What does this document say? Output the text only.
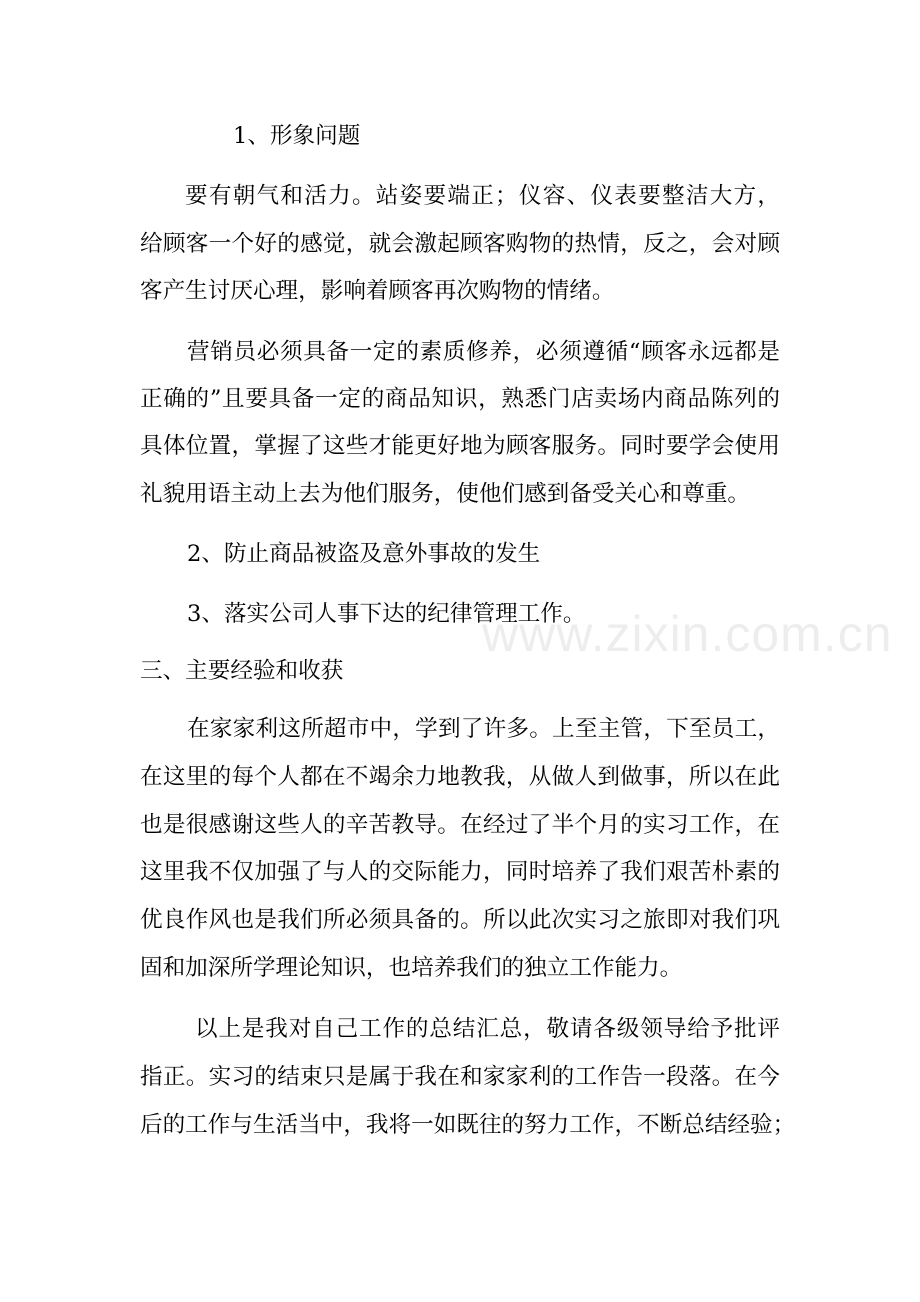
1、形象问题
要有朝气和活力。站姿要端正；仪容、仪表要整洁大方，
给顾客一个好的感觉，就会激起顾客购物的热情，反之，会对顾
客产生讨厌心理，影响着顾客再次购物的情绪。
营销员必须具备一定的素质修养，必须遵循“顾客永远都是
正确的”且要具备一定的商品知识，熟悉门店卖场内商品陈列的
具体位置，掌握了这些才能更好地为顾客服务。同时要学会使用
礼貌用语主动上去为他们服务，使他们感到备受关心和尊重。
2、防止商品被盗及意外事故的发生
3、落实公司人事下达的纪律管理工作。
三、主要经验和收获
在家家利这所超市中，学到了许多。上至主管，下至员工，
在这里的每个人都在不竭余力地教我，从做人到做事，所以在此
也是很感谢这些人的辛苦教导。在经过了半个月的实习工作，在
这里我不仅加强了与人的交际能力，同时培养了我们艰苦朴素的
优良作风也是我们所必须具备的。所以此次实习之旅即对我们巩
固和加深所学理论知识，也培养我们的独立工作能力。
以上是我对自己工作的总结汇总，敬请各级领导给予批评
指正。实习的结束只是属于我在和家家利的工作告一段落。在今
后的工作与生活当中，我将一如既往的努力工作，不断总结经验；
www.zixin.com.cn
